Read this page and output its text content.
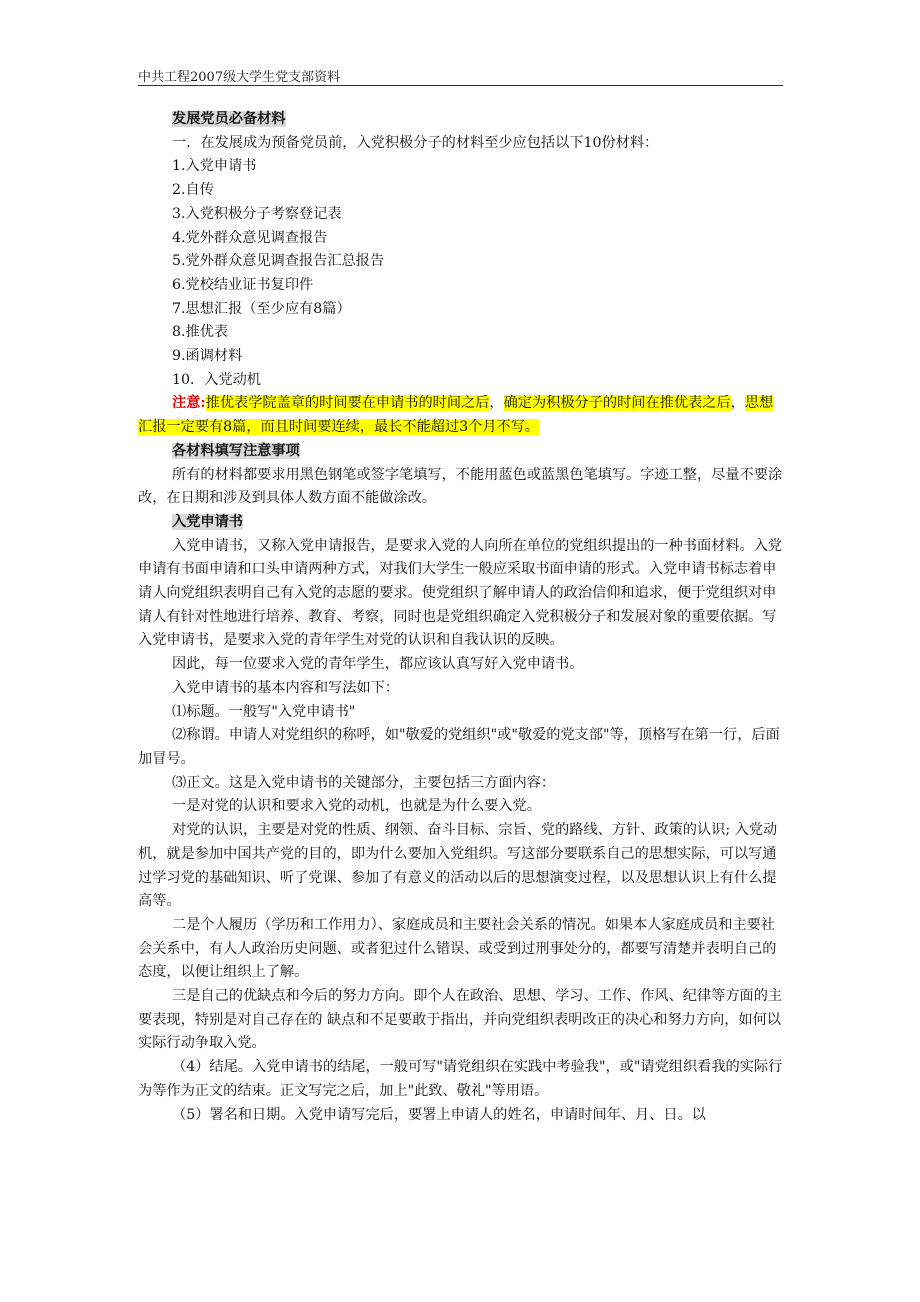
中共工程2007级大学生党支部资料

发展党员必备材料

一．在发展成为预备党员前，入党积极分子的材料至少应包括以下10份材料：

1.入党申请书

2.自传

3.入党积极分子考察登记表

4.党外群众意见调查报告

5.党外群众意见调查报告汇总报告

6.党校结业证书复印件

7.思想汇报（至少应有8篇）

8.推优表

9.函调材料

10．入党动机

注意:推优表学院盖章的时间要在申请书的时间之后，确定为积极分子的时间在推优表之后，思想汇报一定要有8篇，而且时间要连续，最长不能超过3个月不写。

各材料填写注意事项

所有的材料都要求用黑色钢笔或签字笔填写，不能用蓝色或蓝黑色笔填写。字迹工整，尽量不要涂改，在日期和涉及到具体人数方面不能做涂改。

入党申请书

入党申请书，又称入党申请报告，是要求入党的人向所在单位的党组织提出的一种书面材料。入党申请有书面申请和口头申请两种方式，对我们大学生一般应采取书面申请的形式。入党申请书标志着申请人向党组织表明自己有入党的志愿的要求。使党组织了解申请人的政治信仰和追求，便于党组织对申请人有针对性地进行培养、教育、考察，同时也是党组织确定入党积极分子和发展对象的重要依据。写入党申请书，是要求入党的青年学生对党的认识和自我认识的反映。

因此，每一位要求入党的青年学生，都应该认真写好入党申请书。

入党申请书的基本内容和写法如下：

⑴标题。一般写"入党申请书"

⑵称谓。申请人对党组织的称呼，如"敬爱的党组织"或"敬爱的党支部"等，顶格写在第一行，后面加冒号。

⑶正文。这是入党申请书的关键部分，主要包括三方面内容：

一是对党的认识和要求入党的动机，也就是为什么要入党。

对党的认识，主要是对党的性质、纲领、奋斗目标、宗旨、党的路线、方针、政策的认识; 入党动机，就是参加中国共产党的目的，即为什么要加入党组织。写这部分要联系自己的思想实际，可以写通过学习党的基础知识、听了党课、参加了有意义的活动以后的思想演变过程，以及思想认识上有什么提高等。

二是个人履历（学历和工作用力）、家庭成员和主要社会关系的情况。如果本人家庭成员和主要社会关系中，有人人政治历史问题、或者犯过什么错误、或受到过刑事处分的，都要写清楚并表明自己的态度，以便让组织上了解。

三是自己的优缺点和今后的努力方向。即个人在政治、思想、学习、工作、作风、纪律等方面的主要表现，特别是对自己存在的 缺点和不足要敢于指出，并向党组织表明改正的决心和努力方向，如何以实际行动争取入党。

（4）结尾。入党申请书的结尾，一般可写"请党组织在实践中考验我"，或"请党组织看我的实际行为等作为正文的结束。正文写完之后，加上"此致、敬礼"等用语。

（5）署名和日期。入党申请写完后，要署上申请人的姓名，申请时间年、月、日。以
